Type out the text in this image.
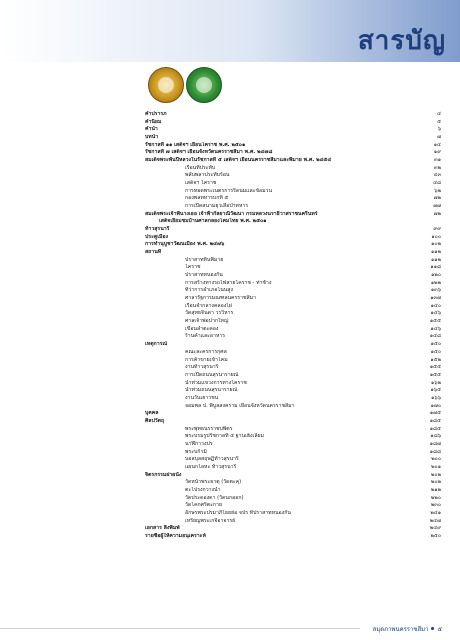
สารบัญ
คำปรารภ	๔
คำนิยม	๕
คำนำ	๖
บทนำ	๗
รัชกาลที่ ๑๑ เสด็จฯ เยือนโคราช พ.ศ. ๒๕๐๑	๑๔
รัชกาลที่ ๗ เสด็จฯ เยือนจังหวัดนครราชสีมา พ.ศ. ๒๔๗๘	๑๙
สมเด็จพระพันปีหลวงในรัชกาลที่ ๕ เสด็จฯ เยือนนครราชสีมาและพิมาย พ.ศ. ๒๔๕๔	๓๑
เรือนที่ประทับ	๓๒
พลับพลาประทับร้อน	๔๓
เสด็จฯ โคราช	๔๘
การทอดพระเนตรการรีดนมและข้อมวน	๖๒
กองพลทหารบกที่ ๕	๗๒
การเปิดสนามยุวเสือป่าทหาร	๗๗
สมเด็จพระเจ้าพี่นางเธอ เจ้าฟ้ากัลยาณิวัฒนา กรมหลวงนราธิวาสราชนครินทร์	๗๒
เสด็จเยี่ยมชมบ้านศาลกลองโคมไทย พ.ศ. ๒๕๐๑
ท้าวสุรนารี	๙๙
ประตูเมือง	๑๐๐
การทำนุบูชาวัฒนเมือง พ.ศ. ๒๔๗๖	๑๐๒
สถานที่	๑๑๒
ปราสาทหินพิมาย	๑๑๒
โคราช	๑๑๘
ปราสาทหนองกัน	๑๒๐
การสร้างทางรถไฟสายโคราช - ท่าช้าง	๑๒๒
ที่ว่าการอำเภอโนนสูง	๑๓๖
ศาลารัฐการมณฑลนครราชสีมา	๑๓๗
เรือนจำกลางคลองไผ่	๑๔๐
วัดสุทธจินดา วรวิหาร	๑๔๖
ศาลเจ้าพ่อปากใหญ่	๑๕๕
เขื่อนลำตะคอง	๑๔๖
ร้านค้าและอาหาร	๑๔๘
เหตุการณ์	๑๕๐
คณะละครการกุศล	๑๕๐
การค้าขายเข้าโคม	๑๕๒
งานท้าวสุรนารี	๑๕๕
การเปิดถนนสุรนารายณ์	๑๕๕
น้ำท่วมแขวงการทางโคราช	๑๖๒
น้ำท่วมถนนสุรนารายณ์	๑๖๕
งานวันเยาวชน	๑๖๖
จอมพล ป. พิบูลสงคราม เยือนจังหวัดนครราชสีมา	๑๗๐
บุคคล	๑๗๕
ศิลปวัตถุ	๑๘๕
พระพุทธนรราชบพิตร	๑๘๕
พระบรมรูปรัชกาลที่ ๕ ฐานเฮ็งเลี่ยม	๑๘๖
นาฬิกาวงปร	๑๘๗
พระบก้ามี	๑๘๘
บอลบุลสฤษฏิ์ท้าวสุรนารี	๒๐๐
แผนกโลหะ ท้าวสุรนารี	๒๐๑
จิตรกรรมฝาผนัง	๒๐๒
วัดหน้าพระธาตุ (วัดตะคุ)	๒๐๒
ตะโปรงกวางน้ำ	๒๑๒
วัดประดองดา (วัดนกออก)	๒๒๐
วัดโคกศรีตะกาย	๒๓๐
อักษรพระปรมาภิไธยย่อ จปร ที่ปราสาทหนองกัน	๒๔๑
เหรียญพระเกจิอาจารย์	๒๔๗
เอกสาร สิ่งพิมพ์	๒๔๙
รายชื่อผู้ให้ความอนุเคราะห์	๒๕๐
สมุดภาพนครราชสีมา ๕
